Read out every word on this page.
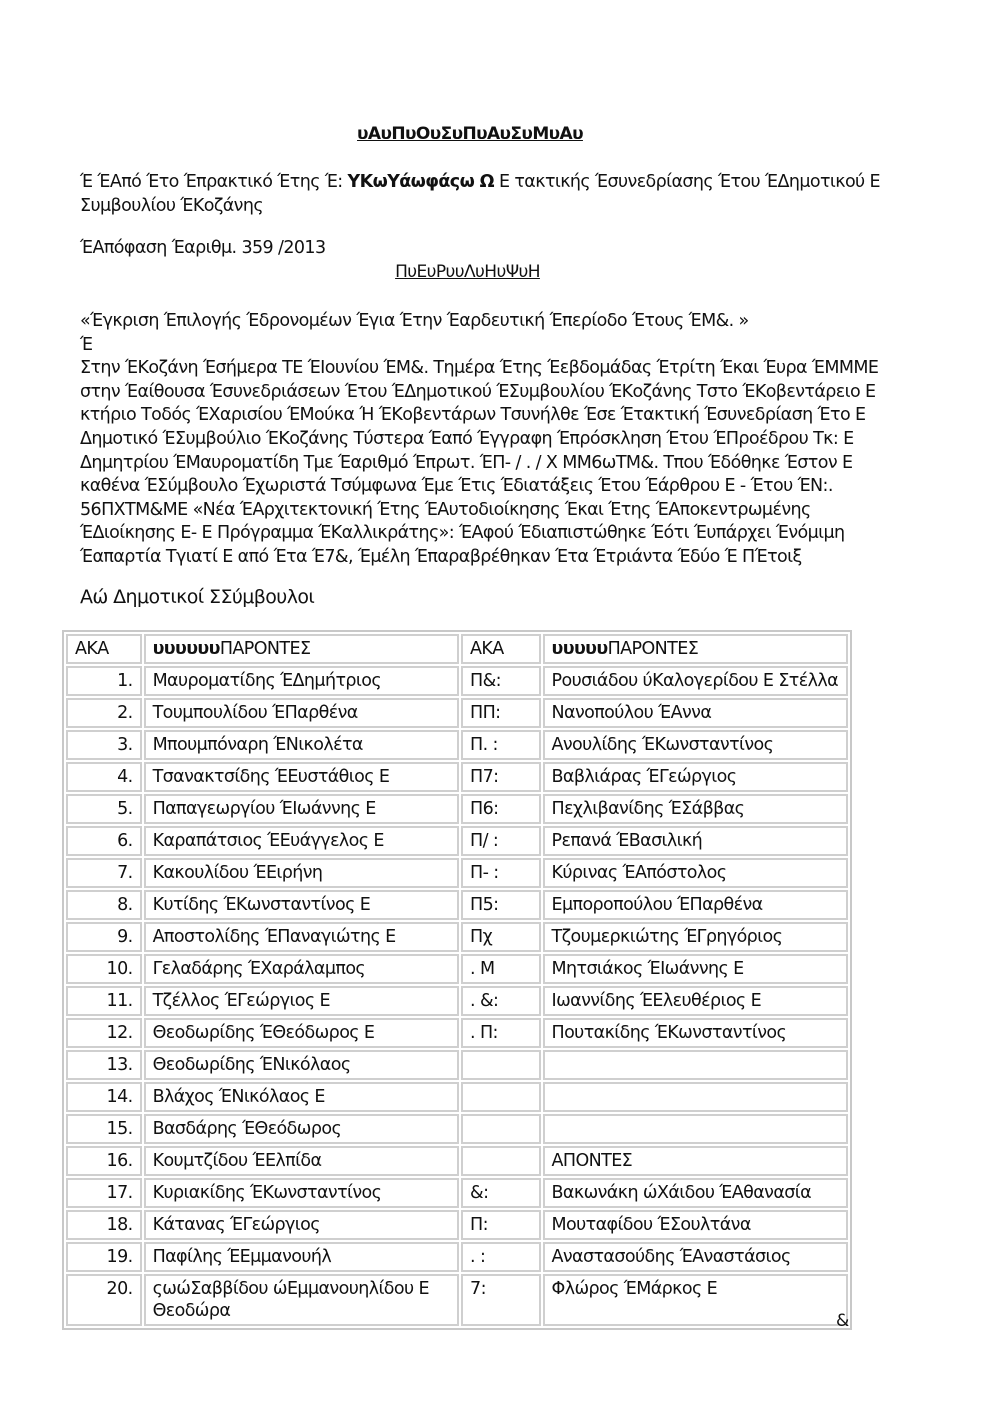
υΑυΠυΟυΣυΠυΑυΣυΜυΑυ
Έ ΈΑπό Έτο Έπρακτικό Έτης Έ: ΥΚωΥάωφάςω Ω Ε τακτικής Έσυνεδρίασης Έτου ΈΔημοτικού Ε Συμβουλίου ΈΚοζάνης
ΈΑπόφαση Έαριθμ. 359 /2013
ΠυΕυΡυυΛυΗυΨυΗ

«Έγκριση Έπιλογής Έδρονομέων Έγια Έτην Έαρδευτική Έπερίοδο Έτους ΈΜ&. »

Έ

Στην ΈΚοζάνη Έσήμερα ΤΕ ΈΙουνίου ΈΜ&. Τημέρα Έτης Έεβδομάδας Έτρίτη Έκαι Έυρα ΈΜΜΜΕ στην Έαίθουσα Έσυνεδριάσεων Έτου ΈΔημοτικού ΈΣυμβουλίου ΈΚοζάνης Τστο ΈΚοβεντάρειο Ε κτήριο Τοδός ΈΧαρισίου ΈΜούκα Ή ΈΚοβεντάρων Τσυνήλθε Έσε Έτακτική Έσυνεδρίαση Έτο Ε Δημοτικό ΈΣυμβούλιο ΈΚοζάνης Τύστερα Έαπό Έγγραφη Έπρόσκληση Έτου ΈΠροέδρου Τκ: Ε Δημητρίου ΈΜαυροματίδη Τμε Έαριθμό Έπρωτ. ΈΠ- / . / Χ ΜΜ6ωΤΜ&. Τπου Έδόθηκε Έστον Ε καθένα ΈΣύμβουλο Έχωριστά Τσύμφωνα Έμε Έτις Έδιατάξεις Έτου Έάρθρου Ε - Έτου ΈΝ:. 56ΠΧΤΜ&ΜΕ «Νέα ΈΑρχιτεκτονική Έτης ΈΑυτοδιοίκησης Έκαι Έτης ΈΑποκεντρωμένης ΈΔιοίκησης Ε- Ε Πρόγραμμα ΈΚαλλικράτης»: ΈΑφού Έδιαπιστώθηκε Έότι Έυπάρχει Ένόμιμη Έαπαρτία Τγιατί Ε από Έτα Έ7&, Έμέλη Έπαραβρέθηκαν Έτα Έτριάντα Έδύο Έ ΠΈτοιξ

Αώ Δημοτικοί ΣΣύμβουλοι
ΑΚΑ	υυυυυυΠΑΡΟΝΤΕΣ	ΑΚΑ	υυυυυΠΑΡΟΝΤΕΣ
1.	Μαυροματίδης ΈΔημήτριος	Π&:	Ρουσιάδου ύΚαλογερίδου Ε Στέλλα
2.	Τουμπουλίδου ΈΠαρθένα	ΠΠ:	Νανοπούλου ΈΑννα
3.	Μπουμπόναρη ΈΝικολέτα	Π. :	Ανουλίδης ΈΚωνσταντίνος
4.	Τσανακτσίδης ΈΕυστάθιος Ε	Π7:	Βαβλιάρας ΈΓεώργιος
5.	Παπαγεωργίου ΈΙωάννης Ε	Π6:	Πεχλιβανίδης ΈΣάββας
6.	Καραπάτσιος ΈΕυάγγελος Ε	Π/ :	Ρεπανά ΈΒασιλική
7.	Κακουλίδου ΈΕιρήνη	Π- :	Κύρινας ΈΑπόστολος
8.	Κυτίδης ΈΚωνσταντίνος Ε	Π5:	Εμποροπούλου ΈΠαρθένα
9.	Αποστολίδης ΈΠαναγιώτης Ε	Πχ	Τζουμερκιώτης ΈΓρηγόριος
10.	Γελαδάρης ΈΧαράλαμπος	. Μ	Μητσιάκος ΈΙωάννης Ε
11.	Τζέλλος ΈΓεώργιος Ε	. &:	Ιωαννίδης ΈΕλευθέριος Ε
12.	Θεοδωρίδης ΈΘεόδωρος Ε	. Π:	Πουτακίδης ΈΚωνσταντίνος
13.	Θεοδωρίδης ΈΝικόλαος		
14.	Βλάχος ΈΝικόλαος Ε		
15.	Βασδάρης ΈΘεόδωρος		
16.	Κουμτζίδου ΈΕλπίδα		ΑΠΟΝΤΕΣ
17.	Κυριακίδης ΈΚωνσταντίνος	&:	Βακωνάκη ώΧάιδου ΈΑθανασία
18.	Κάτανας ΈΓεώργιος	Π:	Μουταφίδου ΈΣουλτάνα
19.	Παφίλης ΈΕμμανουήλ	. :	Αναστασούδης ΈΑναστάσιος
20.	ςωώΣαββίδου ώΕμμανουηλίδου Ε Θεοδώρα	7:	Φλώρος ΈΜάρκος Ε
&
